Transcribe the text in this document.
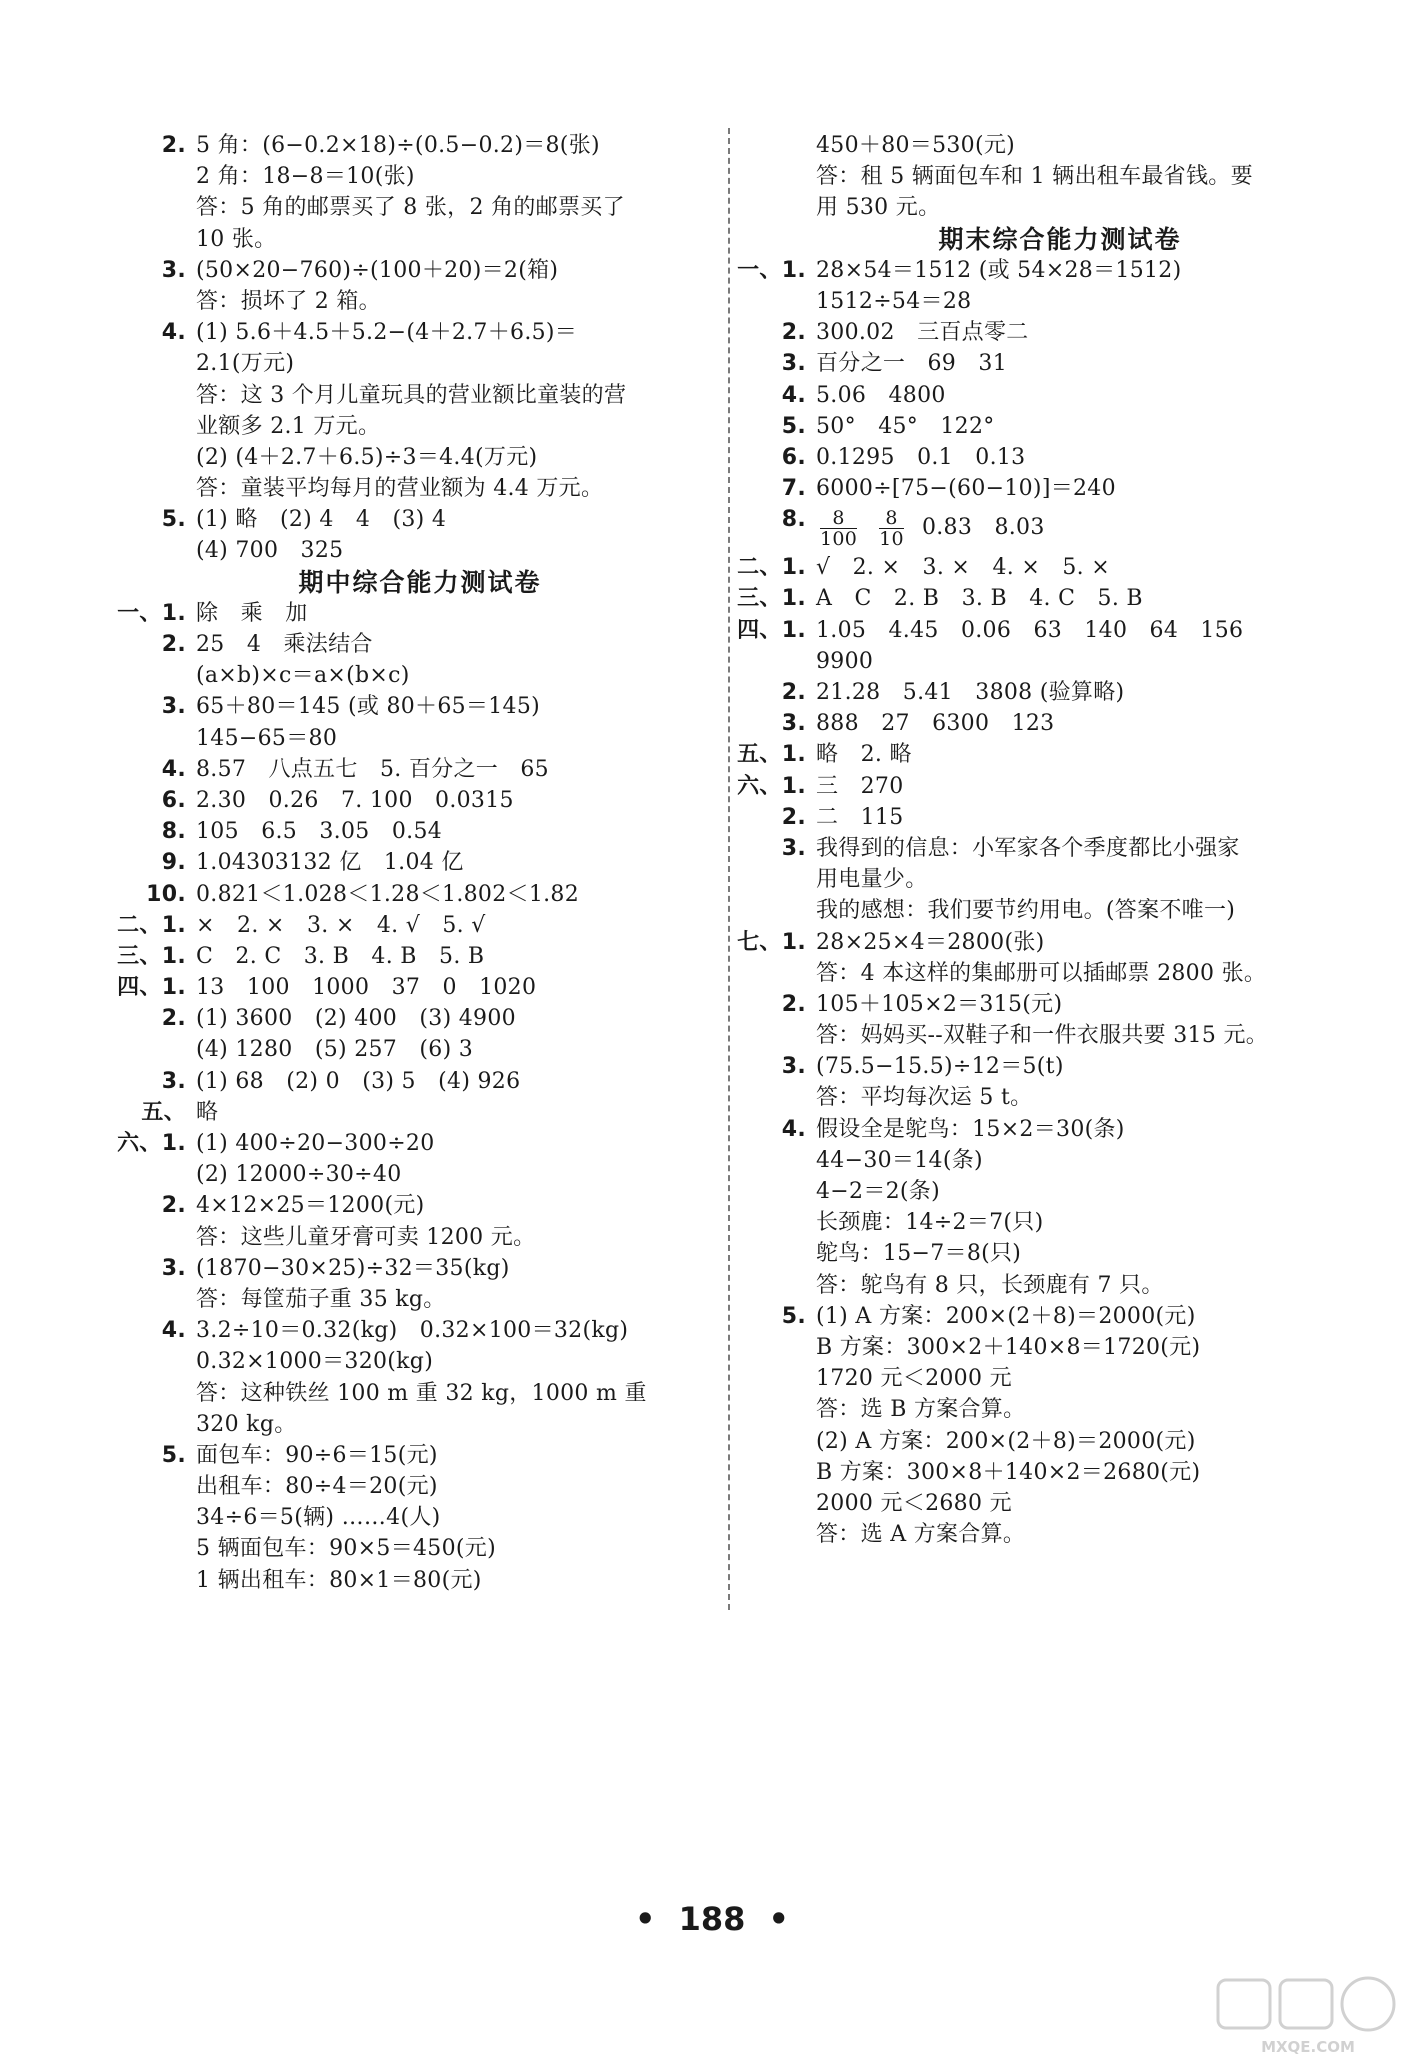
2. 5 角：(6−0.2×18)÷(0.5−0.2)＝8(张)
2 角：18−8＝10(张)
答：5 角的邮票买了 8 张，2 角的邮票买了
10 张。
3. (50×20−760)÷(100＋20)＝2(箱)
答：损坏了 2 箱。
4. (1) 5.6＋4.5＋5.2−(4＋2.7＋6.5)＝
2.1(万元)
答：这 3 个月儿童玩具的营业额比童装的营
业额多 2.1 万元。
(2) (4＋2.7＋6.5)÷3＝4.4(万元)
答：童装平均每月的营业额为 4.4 万元。
5. (1) 略　(2) 4　4　(3) 4
(4) 700　325
期中综合能力测试卷
一、1. 除　乘　加
2. 25　4　乘法结合
(a×b)×c＝a×(b×c)
3. 65＋80＝145 (或 80＋65＝145)
145−65＝80
4. 8.57　八点五七　5. 百分之一　65
6. 2.30　0.26　7. 100　0.0315
8. 105　6.5　3.05　0.54
9. 1.04303132 亿　1.04 亿
10. 0.821＜1.028＜1.28＜1.802＜1.82
二、1. ×　2. ×　3. ×　4. √　5. √
三、1. C　2. C　3. B　4. B　5. B
四、1. 13　100　1000　37　0　1020
2. (1) 3600　(2) 400　(3) 4900
(4) 1280　(5) 257　(6) 3
3. (1) 68　(2) 0　(3) 5　(4) 926
五、 略
六、1. (1) 400÷20−300÷20
(2) 12000÷30÷40
2. 4×12×25＝1200(元)
答：这些儿童牙膏可卖 1200 元。
3. (1870−30×25)÷32＝35(kg)
答：每筐茄子重 35 kg。
4. 3.2÷10＝0.32(kg)　0.32×100＝32(kg)
0.32×1000＝320(kg)
答：这种铁丝 100 m 重 32 kg，1000 m 重
320 kg。
5. 面包车：90÷6＝15(元)
出租车：80÷4＝20(元)
34÷6＝5(辆) ……4(人)
5 辆面包车：90×5＝450(元)
1 辆出租车：80×1＝80(元)
450＋80＝530(元)
答：租 5 辆面包车和 1 辆出租车最省钱。要
用 530 元。
期末综合能力测试卷
一、1. 28×54＝1512 (或 54×28＝1512)
1512÷54＝28
2. 300.02　三百点零二
3. 百分之一　69　31
4. 5.06　4800
5. 50°　45°　122°
6. 0.1295　0.1　0.13
7. 6000÷[75−(60−10)]＝240
8. $\frac{8}{100} \frac{8}{10} 0.83$　8.03
二、1. √　2. ×　3. ×　4. ×　5. ×
三、1. A　C　2. B　3. B　4. C　5. B
四、1. 1.05　4.45　0.06　63　140　64　156
9900
2. 21.28　5.41　3808 (验算略)
3. 888　27　6300　123
五、1. 略　2. 略
六、1. 三　270
2. 二　115
3. 我得到的信息：小军家各个季度都比小强家
用电量少。
我的感想：我们要节约用电。(答案不唯一)
七、1. 28×25×4＝2800(张)
答：4 本这样的集邮册可以插邮票 2800 张。
2. 105＋105×2＝315(元)
答：妈妈买--双鞋子和一件衣服共要 315 元。
3. (75.5−15.5)÷12＝5(t)
答：平均每次运 5 t。
4. 假设全是鸵鸟：15×2＝30(条)
44−30＝14(条)
4−2＝2(条)
长颈鹿：14÷2＝7(只)
鸵鸟：15−7＝8(只)
答：鸵鸟有 8 只，长颈鹿有 7 只。
5. (1) A 方案：200×(2＋8)＝2000(元)
B 方案：300×2＋140×8＝1720(元)
1720 元＜2000 元
答：选 B 方案合算。
(2) A 方案：200×(2＋8)＝2000(元)
B 方案：300×8＋140×2＝2680(元)
2000 元＜2680 元
答：选 A 方案合算。
• 188 •
MXQE.COM
